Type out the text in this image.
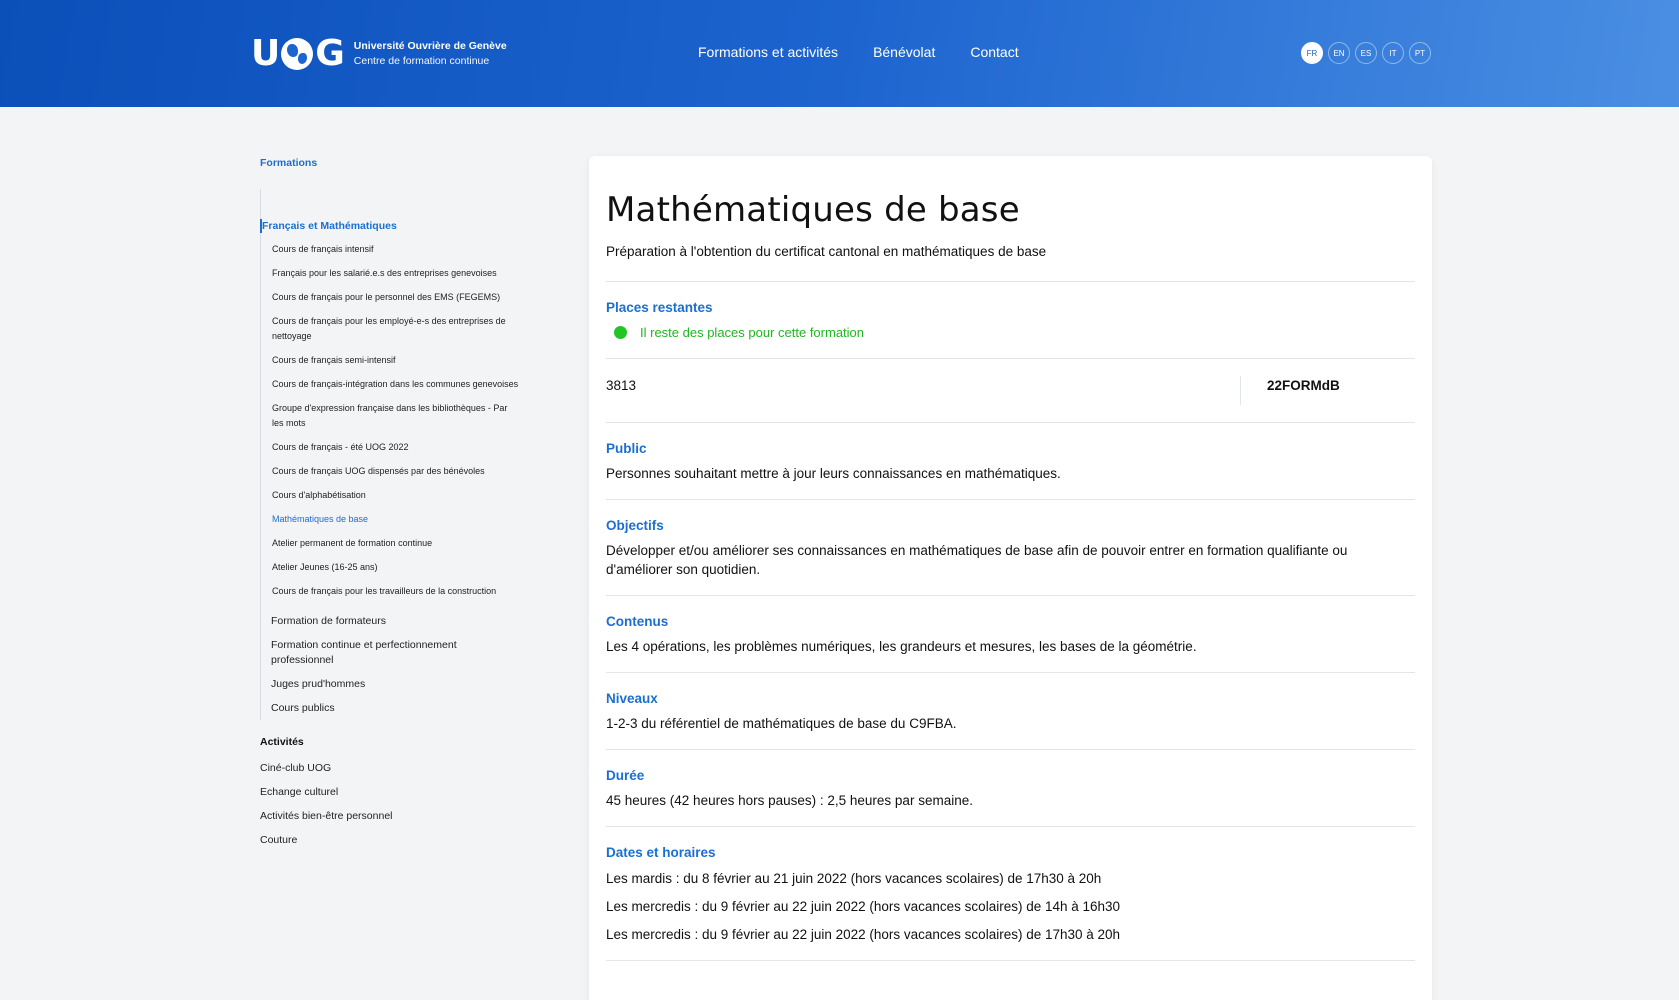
U G Université Ouvrière de Genève
Centre de formation continue
Formations et activités	Bénévolat	Contact	FR	EN	ES	IT	PT
Formations
Français et Mathématiques
Cours de français intensif
Français pour les salarié.e.s des entreprises genevoises
Cours de français pour le personnel des EMS (FEGEMS)
Cours de français pour les employé-e-s des entreprises de nettoyage
Cours de français semi-intensif
Cours de français-intégration dans les communes genevoises
Groupe d'expression française dans les bibliothèques - Par les mots
Cours de français - été UOG 2022
Cours de français UOG dispensés par des bénévoles
Cours d'alphabétisation
Mathématiques de base
Atelier permanent de formation continue
Atelier Jeunes (16-25 ans)
Cours de français pour les travailleurs de la construction
Formation de formateurs
Formation continue et perfectionnement professionnel
Juges prud'hommes
Cours publics
Activités
Ciné-club UOG
Echange culturel
Activités bien-être personnel
Couture
Mathématiques de base

Préparation à l'obtention du certificat cantonal en mathématiques de base

Places restantes
Il reste des places pour cette formation
3813	22FORMdB
Public

Personnes souhaitant mettre à jour leurs connaissances en mathématiques.

Objectifs

Développer et/ou améliorer ses connaissances en mathématiques de base afin de pouvoir entrer en formation qualifiante ou d'améliorer son quotidien.

Contenus

Les 4 opérations, les problèmes numériques, les grandeurs et mesures, les bases de la géométrie.

Niveaux

1-2-3 du référentiel de mathématiques de base du C9FBA.

Durée

45 heures (42 heures hors pauses) : 2,5 heures par semaine.

Dates et horaires

Les mardis : du 8 février au 21 juin 2022 (hors vacances scolaires) de 17h30 à 20h

Les mercredis : du 9 février au 22 juin 2022 (hors vacances scolaires) de 14h à 16h30

Les mercredis : du 9 février au 22 juin 2022 (hors vacances scolaires) de 17h30 à 20h
